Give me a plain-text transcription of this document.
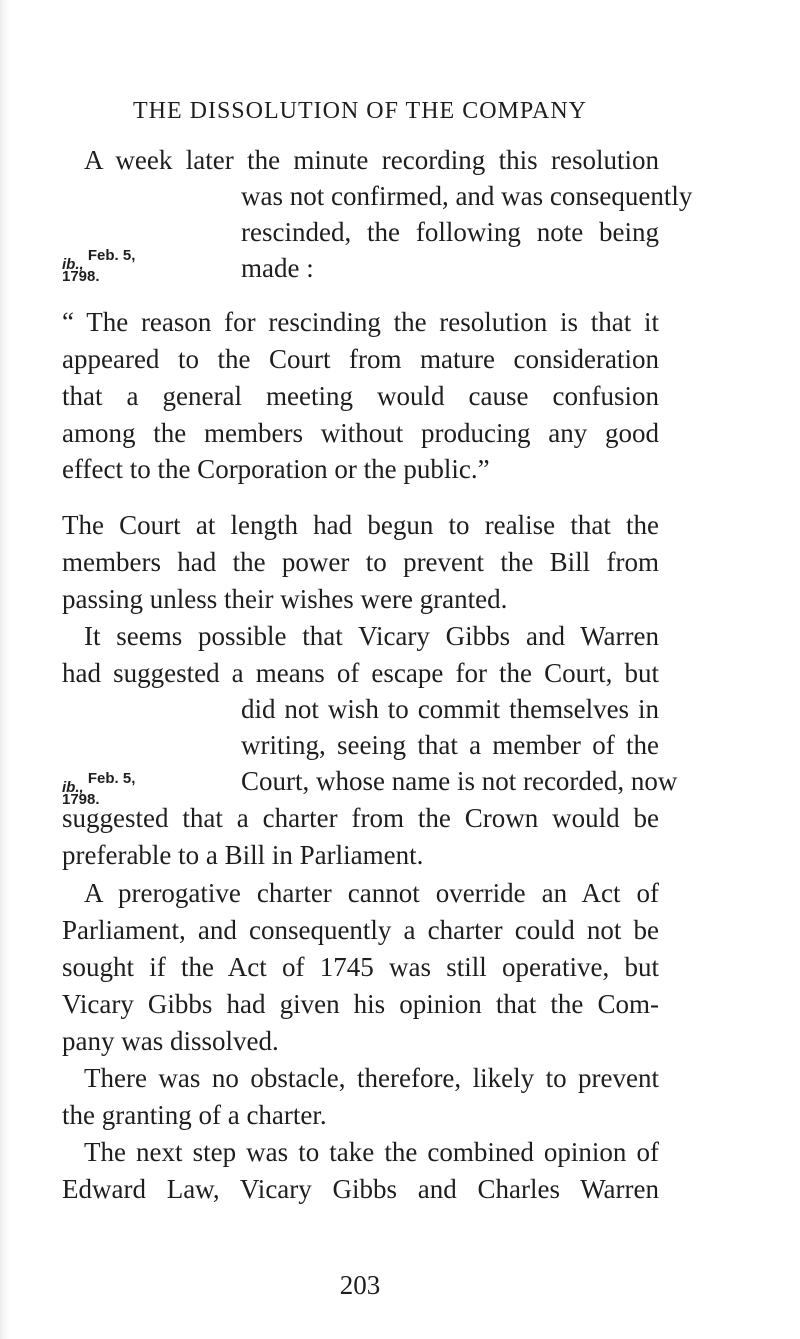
THE DISSOLUTION OF THE COMPANY
ib., Feb. 5,
1798.
ib., Feb. 5,
1798.
A week later the minute recording this resolution
was not confirmed, and was consequently
rescinded, the following note being
made :
“ The reason for rescinding the resolution is that it
appeared to the Court from mature consideration
that a general meeting would cause confusion
among the members without producing any good
effect to the Corporation or the public.”
The Court at length had begun to realise that the
members had the power to prevent the Bill from
passing unless their wishes were granted.
It seems possible that Vicary Gibbs and Warren
had suggested a means of escape for the Court, but
did not wish to commit themselves in
writing, seeing that a member of the
Court, whose name is not recorded, now
suggested that a charter from the Crown would be
preferable to a Bill in Parliament.
A prerogative charter cannot override an Act of
Parliament, and consequently a charter could not be
sought if the Act of 1745 was still operative, but
Vicary Gibbs had given his opinion that the Com-
pany was dissolved.
There was no obstacle, therefore, likely to prevent
the granting of a charter.
The next step was to take the combined opinion of
Edward Law, Vicary Gibbs and Charles Warren
203
